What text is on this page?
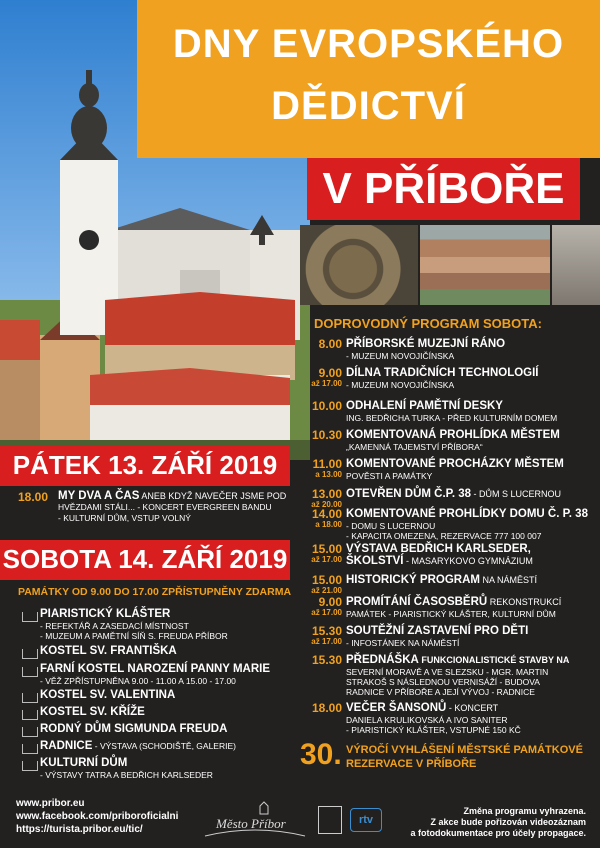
DNY EVROPSKÉHO
DĚDICTVÍ
V PŘÍBOŘE
DOPROVODNÝ PROGRAM SOBOTA:
8.00 PŘÍBORSKÉ MUZEJNÍ RÁNO
- MUZEUM NOVOJIČÍNSKA
9.00
až 17.00
DÍLNA TRADIČNÍCH TECHNOLOGIÍ
- MUZEUM NOVOJIČÍNSKA
10.00 ODHALENÍ PAMĚTNÍ DESKY
ING. BEDŘICHA TURKA - PŘED KULTURNÍM DOMEM
10.30 KOMENTOVANÁ PROHLÍDKA MĚSTEM
„KAMENNÁ TAJEMSTVÍ PŘÍBORA“
11.00
a 13.00
KOMENTOVANÉ PROCHÁZKY MĚSTEM
POVĚSTI A PAMÁTKY
13.00
až 20.00
OTEVŘEN DŮM Č.P. 38 - DŮM S LUCERNOU
14.00
a 18.00
KOMENTOVANÉ PROHLÍDKY DOMU Č. P. 38
- DOMU S LUCERNOU
- KAPACITA OMEZENA, REZERVACE 777 100 007
15.00
až 17.00
VÝSTAVA BEDŘICH KARLSEDER, ŠKOLSTVÍ - MASARYKOVO GYMNÁZIUM
15.00
až 21.00
HISTORICKÝ PROGRAM NA NÁMĚSTÍ
9.00
až 17.00
PROMÍTÁNÍ ČASOSBĚRŮ REKONSTRUKCÍ
PAMÁTEK - PIARISTICKÝ KLÁŠTER, KULTURNÍ DŮM
15.30
až 17.00
SOUTĚŽNÍ ZASTAVENÍ PRO DĚTI
- INFOSTÁNEK NA NÁMĚSTÍ
15.30 PŘEDNÁŠKA FUNKCIONALISTICKÉ STAVBY NA
SEVERNÍ MORAVĚ A VE SLEZSKU - MGR. MARTIN
STRAKOŠ S NÁSLEDNOU VERNISÁŽÍ - BUDOVA
RADNICE V PŘÍBOŘE A JEJÍ VÝVOJ - RADNICE
18.00 VEČER ŠANSONŮ - KONCERT
DANIELA KRULIKOVSKÁ A IVO SANITER
- PIARISTICKÝ KLÁŠTER, VSTUPNÉ 150 KČ
30. VÝROČÍ VYHLÁŠENÍ MĚSTSKÉ PAMÁTKOVÉ
REZERVACE V PŘÍBOŘE
PÁTEK 13. ZÁŘÍ 2019
18.00 MY DVA A ČAS ANEB KDYŽ NAVEČER JSME POD
HVĚZDAMI STÁLI... - KONCERT EVERGREEN BANDU
- KULTURNÍ DŮM, VSTUP VOLNÝ
SOBOTA 14. ZÁŘÍ 2019
PAMÁTKY OD 9.00 DO 17.00 ZPŘÍSTUPNĚNY ZDARMA
PIARISTICKÝ KLÁŠTER
- REFEKTÁŘ A ZASEDACÍ MÍSTNOST
- MUZEUM A PAMĚTNÍ SÍŇ S. FREUDA PŘÍBOR
KOSTEL SV. FRANTIŠKA
FARNÍ KOSTEL NAROZENÍ PANNY MARIE
- VĚŽ ZPŘÍSTUPNĚNA 9.00 - 11.00 A 15.00 - 17.00
KOSTEL SV. VALENTINA
KOSTEL SV. KŘÍŽE
RODNÝ DŮM SIGMUNDA FREUDA
RADNICE - VÝSTAVA (SCHODIŠTĚ, GALERIE)
KULTURNÍ DŮM
- VÝSTAVY TATRA A BEDŘICH KARLSEDER
www.pribor.eu
www.facebook.com/priboroficialni
https://turista.pribor.eu/tic/	Město Příbor	rtv
Změna programu vyhrazena.
Z akce bude pořizován videozáznam
a fotodokumentace pro účely propagace.
